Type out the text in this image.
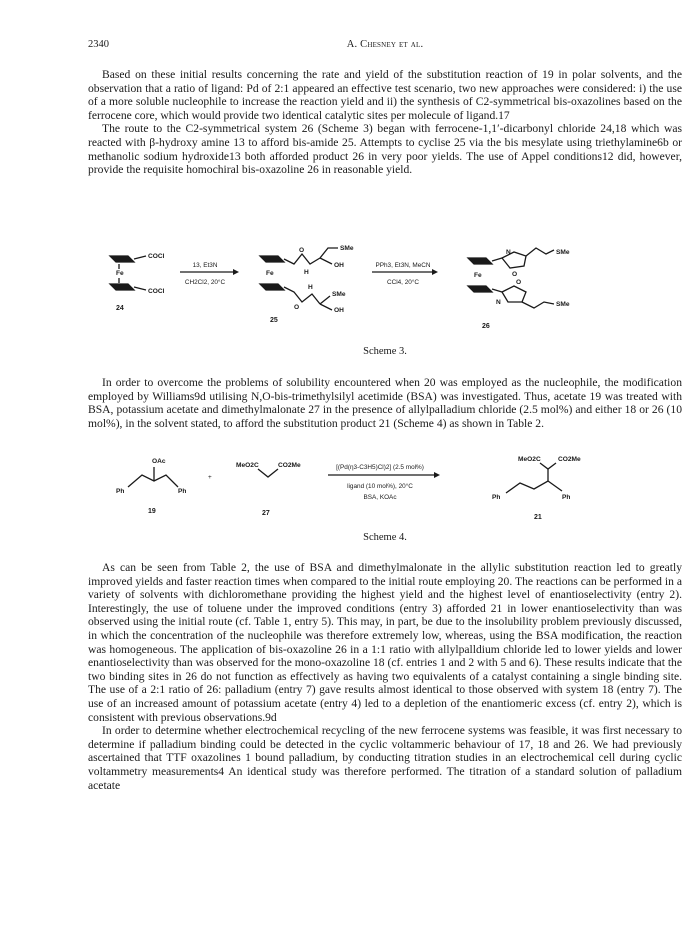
2340	A. Chesney et al.

Based on these initial results concerning the rate and yield of the substitution reaction of 19 in polar solvents, and the observation that a ratio of ligand: Pd of 2:1 appeared an effective test scenario, two new approaches were considered: i) the use of a more soluble nucleophile to increase the reaction yield and ii) the synthesis of C2-symmetrical bis-oxazolines based on the ferrocene core, which would provide two identical catalytic sites per molecule of ligand.17

The route to the C2-symmetrical system 26 (Scheme 3) began with ferrocene-1,1′-dicarbonyl chloride 24,18 which was reacted with β-hydroxy amine 13 to afford bis-amide 25. Attempts to cyclise 25 via the bis mesylate using triethylamine6b or methanolic sodium hydroxide13 both afforded product 26 in very poor yields. The use of Appel conditions12 did, however, provide the requisite homochiral bis-oxazoline 26 in reasonable yield.

COCl
Fe
COCl
24
13, Et3N
CH2Cl2, 20°C
O
H
SMe
OH
Fe
O
H
SMe
OH
25
PPh3, Et3N, MeCN
CCl4, 20°C
N
O
SMe
Fe
N
O
SMe
26
Scheme 3.

In order to overcome the problems of solubility encountered when 20 was employed as the nucleophile, the modification employed by Williams9d utilising N,O-bis-trimethylsilyl acetimide (BSA) was investigated. Thus, acetate 19 was treated with BSA, potassium acetate and dimethylmalonate 27 in the presence of allylpalladium chloride (2.5 mol%) and either 18 or 26 (10 mol%), in the solvent stated, to afford the substitution product 21 (Scheme 4) as shown in Table 2.

OAc
Ph	Ph
19
+
MeO2C	CO2Me
27
[(Pd(η3-C3H5)Cl)2] (2.5 mol%)
ligand (10 mol%), 20°C
BSA, KOAc
MeO2C	CO2Me
Ph	Ph
21
Scheme 4.

As can be seen from Table 2, the use of BSA and dimethylmalonate in the allylic substitution reaction led to greatly improved yields and faster reaction times when compared to the initial route employing 20. The reactions can be performed in a variety of solvents with dichloromethane providing the highest yield and the highest level of enantioselectivity (entry 2). Interestingly, the use of toluene under the improved conditions (entry 3) afforded 21 in lower enantioselectivity than was observed using the initial route (cf. Table 1, entry 5). This may, in part, be due to the insolubility problem previously discussed, in which the concentration of the nucleophile was therefore extremely low, whereas, using the BSA modification, the reaction was homogeneous. The application of bis-oxazoline 26 in a 1:1 ratio with allylpalldium chloride led to lower yields and lower enantioselectivity than was observed for the mono-oxazoline 18 (cf. entries 1 and 2 with 5 and 6). These results indicate that the two binding sites in 26 do not function as effectively as having two equivalents of a catalyst containing a single binding site. The use of a 2:1 ratio of 26: palladium (entry 7) gave results almost identical to those observed with system 18 (entry 7). The use of an increased amount of potassium acetate (entry 4) led to a depletion of the enantiomeric excess (cf. entry 2), which is consistent with previous observations.9d

In order to determine whether electrochemical recycling of the new ferrocene systems was feasible, it was first necessary to determine if palladium binding could be detected in the cyclic voltammeric behaviour of 17, 18 and 26. We had previously ascertained that TTF oxazolines 1 bound palladium, by conducting titration studies in an electrochemical cell during cyclic voltammetry measurements4 An identical study was therefore performed. The titration of a standard solution of palladium acetate
